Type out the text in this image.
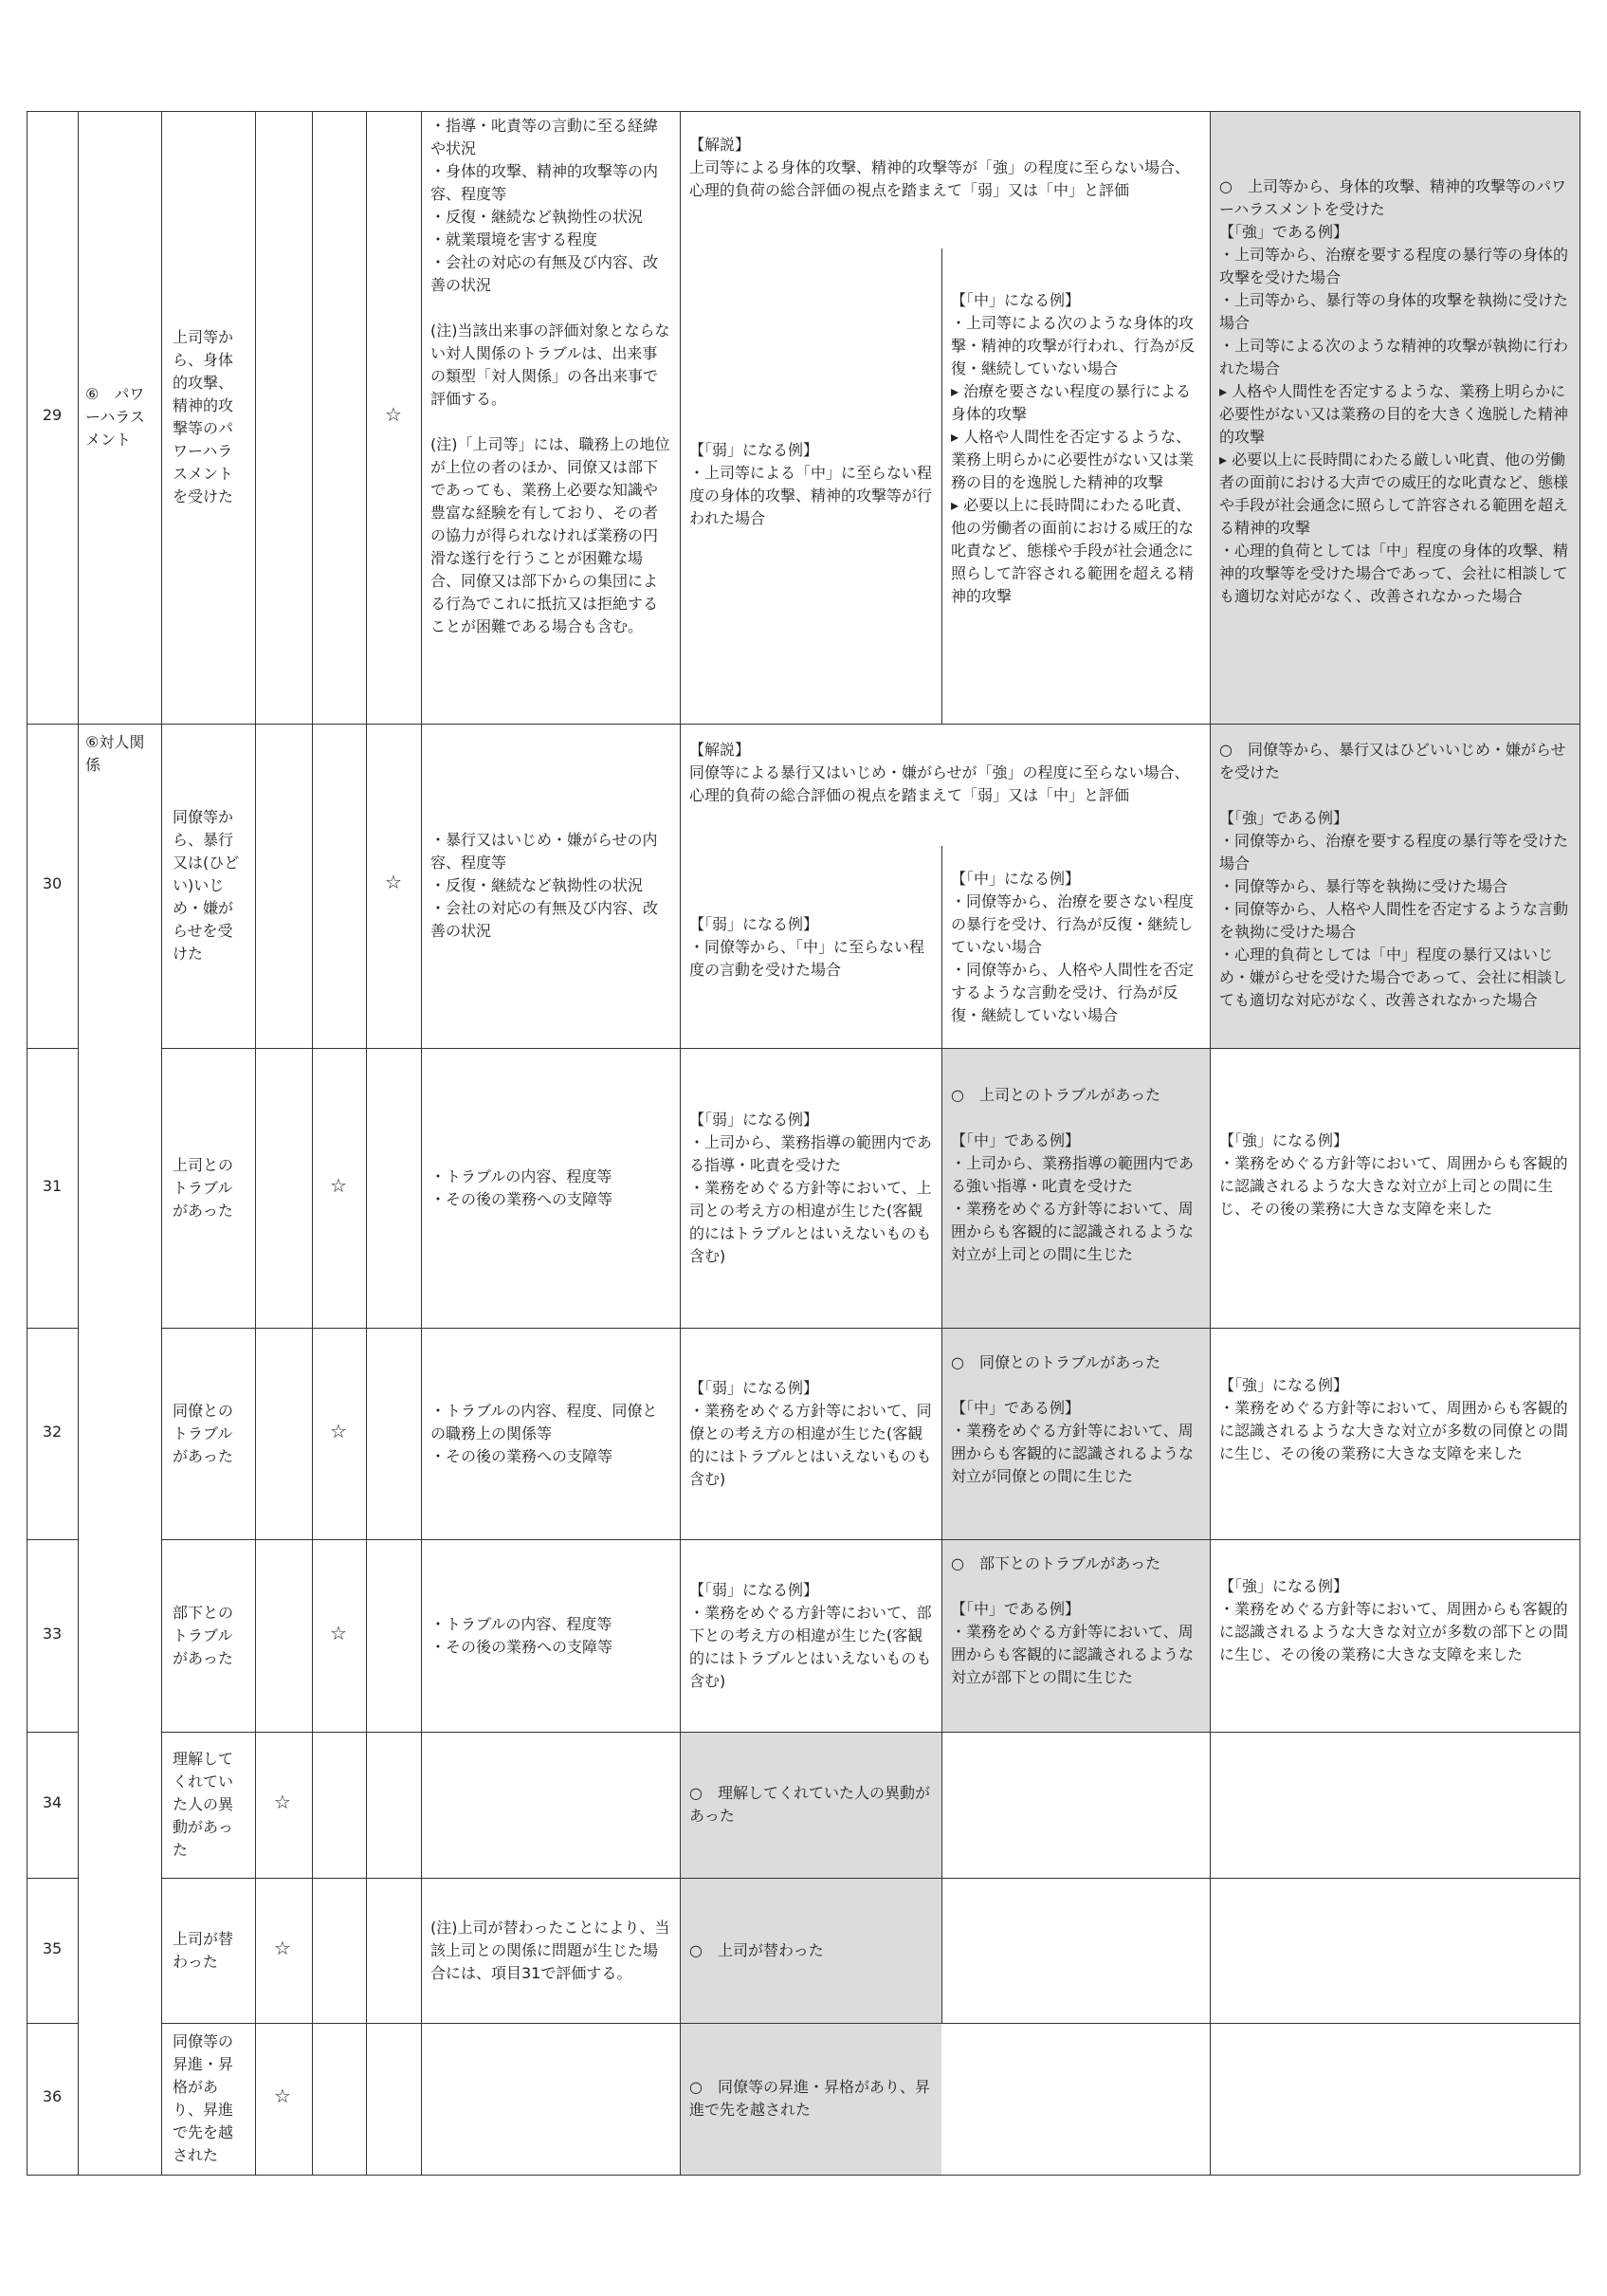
29
30
31
32
33
34
35
36
⑥　パワーハラスメント
⑥対人関係
上司等から、身体的攻撃、精神的攻撃等のパワーハラスメントを受けた
同僚等から、暴行又は(ひどい)いじめ・嫌がらせを受けた
上司とのトラブルがあった
同僚とのトラブルがあった
部下とのトラブルがあった
理解してくれていた人の異動があった
上司が替わった
同僚等の昇進・昇格があり、昇進で先を越された
☆
☆
☆
☆
☆
☆
☆
☆
・指導・叱責等の言動に至る経緯や状況
・身体的攻撃、精神的攻撃等の内容、程度等
・反復・継続など執拗性の状況
・就業環境を害する程度
・会社の対応の有無及び内容、改善の状況

(注)当該出来事の評価対象とならない対人関係のトラブルは、出来事の類型「対人関係」の各出来事で評価する。

(注)「上司等」には、職務上の地位が上位の者のほか、同僚又は部下であっても、業務上必要な知識や豊富な経験を有しており、その者の協力が得られなければ業務の円滑な遂行を行うことが困難な場合、同僚又は部下からの集団による行為でこれに抵抗又は拒絶することが困難である場合も含む。
・暴行又はいじめ・嫌がらせの内容、程度等
・反復・継続など執拗性の状況
・会社の対応の有無及び内容、改善の状況
・トラブルの内容、程度等
・その後の業務への支障等
・トラブルの内容、程度、同僚との職務上の関係等
・その後の業務への支障等
・トラブルの内容、程度等
・その後の業務への支障等
(注)上司が替わったことにより、当該上司との関係に問題が生じた場合には、項目31で評価する。
【解説】
上司等による身体的攻撃、精神的攻撃等が「強」の程度に至らない場合、心理的負荷の総合評価の視点を踏まえて「弱」又は「中」と評価
【解説】
同僚等による暴行又はいじめ・嫌がらせが「強」の程度に至らない場合、心理的負荷の総合評価の視点を踏まえて「弱」又は「中」と評価
【「弱」になる例】
・上司等による「中」に至らない程度の身体的攻撃、精神的攻撃等が行われた場合
【「弱」になる例】
・同僚等から、「中」に至らない程度の言動を受けた場合
【「弱」になる例】
・上司から、業務指導の範囲内である指導・叱責を受けた
・業務をめぐる方針等において、上司との考え方の相違が生じた(客観的にはトラブルとはいえないものも含む)
【「弱」になる例】
・業務をめぐる方針等において、同僚との考え方の相違が生じた(客観的にはトラブルとはいえないものも含む)
【「弱」になる例】
・業務をめぐる方針等において、部下との考え方の相違が生じた(客観的にはトラブルとはいえないものも含む)
○　理解してくれていた人の異動があった
○　上司が替わった
○　同僚等の昇進・昇格があり、昇進で先を越された
【「中」になる例】
・上司等による次のような身体的攻撃・精神的攻撃が行われ、行為が反復・継続していない場合
▸ 治療を要さない程度の暴行による身体的攻撃
▸ 人格や人間性を否定するような、業務上明らかに必要性がない又は業務の目的を逸脱した精神的攻撃
▸ 必要以上に長時間にわたる叱責、他の労働者の面前における威圧的な叱責など、態様や手段が社会通念に照らして許容される範囲を超える精神的攻撃
【「中」になる例】
・同僚等から、治療を要さない程度の暴行を受け、行為が反復・継続していない場合
・同僚等から、人格や人間性を否定するような言動を受け、行為が反復・継続していない場合
○　上司とのトラブルがあった

【「中」である例】
・上司から、業務指導の範囲内である強い指導・叱責を受けた
・業務をめぐる方針等において、周囲からも客観的に認識されるような対立が上司との間に生じた
○　同僚とのトラブルがあった

【「中」である例】
・業務をめぐる方針等において、周囲からも客観的に認識されるような対立が同僚との間に生じた
○　部下とのトラブルがあった

【「中」である例】
・業務をめぐる方針等において、周囲からも客観的に認識されるような対立が部下との間に生じた
○　上司等から、身体的攻撃、精神的攻撃等のパワーハラスメントを受けた
【「強」である例】
・上司等から、治療を要する程度の暴行等の身体的攻撃を受けた場合
・上司等から、暴行等の身体的攻撃を執拗に受けた場合
・上司等による次のような精神的攻撃が執拗に行われた場合
▸ 人格や人間性を否定するような、業務上明らかに必要性がない又は業務の目的を大きく逸脱した精神的攻撃
▸ 必要以上に長時間にわたる厳しい叱責、他の労働者の面前における大声での威圧的な叱責など、態様や手段が社会通念に照らして許容される範囲を超える精神的攻撃
・心理的負荷としては「中」程度の身体的攻撃、精神的攻撃等を受けた場合であって、会社に相談しても適切な対応がなく、改善されなかった場合
○　同僚等から、暴行又はひどいいじめ・嫌がらせを受けた

【「強」である例】
・同僚等から、治療を要する程度の暴行等を受けた場合
・同僚等から、暴行等を執拗に受けた場合
・同僚等から、人格や人間性を否定するような言動を執拗に受けた場合
・心理的負荷としては「中」程度の暴行又はいじめ・嫌がらせを受けた場合であって、会社に相談しても適切な対応がなく、改善されなかった場合
【「強」になる例】
・業務をめぐる方針等において、周囲からも客観的に認識されるような大きな対立が上司との間に生じ、その後の業務に大きな支障を来した
【「強」になる例】
・業務をめぐる方針等において、周囲からも客観的に認識されるような大きな対立が多数の同僚との間に生じ、その後の業務に大きな支障を来した
【「強」になる例】
・業務をめぐる方針等において、周囲からも客観的に認識されるような大きな対立が多数の部下との間に生じ、その後の業務に大きな支障を来した
